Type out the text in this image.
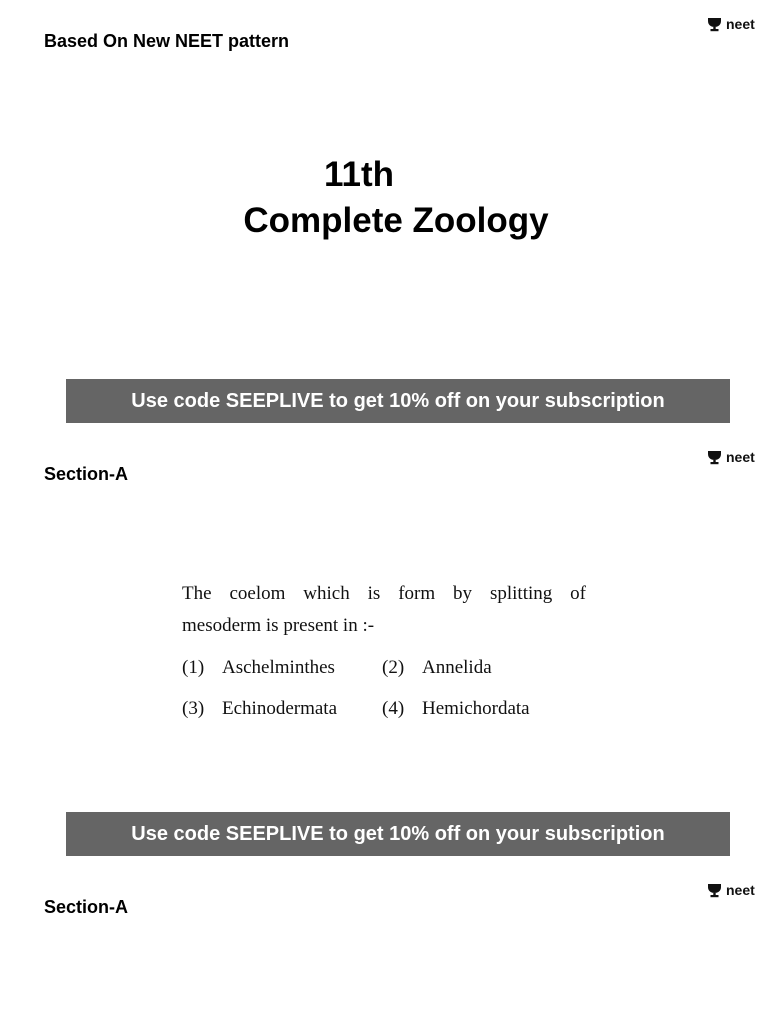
neet
Based On New NEET pattern
11th
Complete Zoology
Use code SEEPLIVE to get 10% off on your subscription
neet
Section-A
The coelom which is form by splitting of
mesoderm is present in :-
(1) Aschelminthes (2) Annelida
(3) Echinodermata (4) Hemichordata
Use code SEEPLIVE to get 10% off on your subscription
neet
Section-A
